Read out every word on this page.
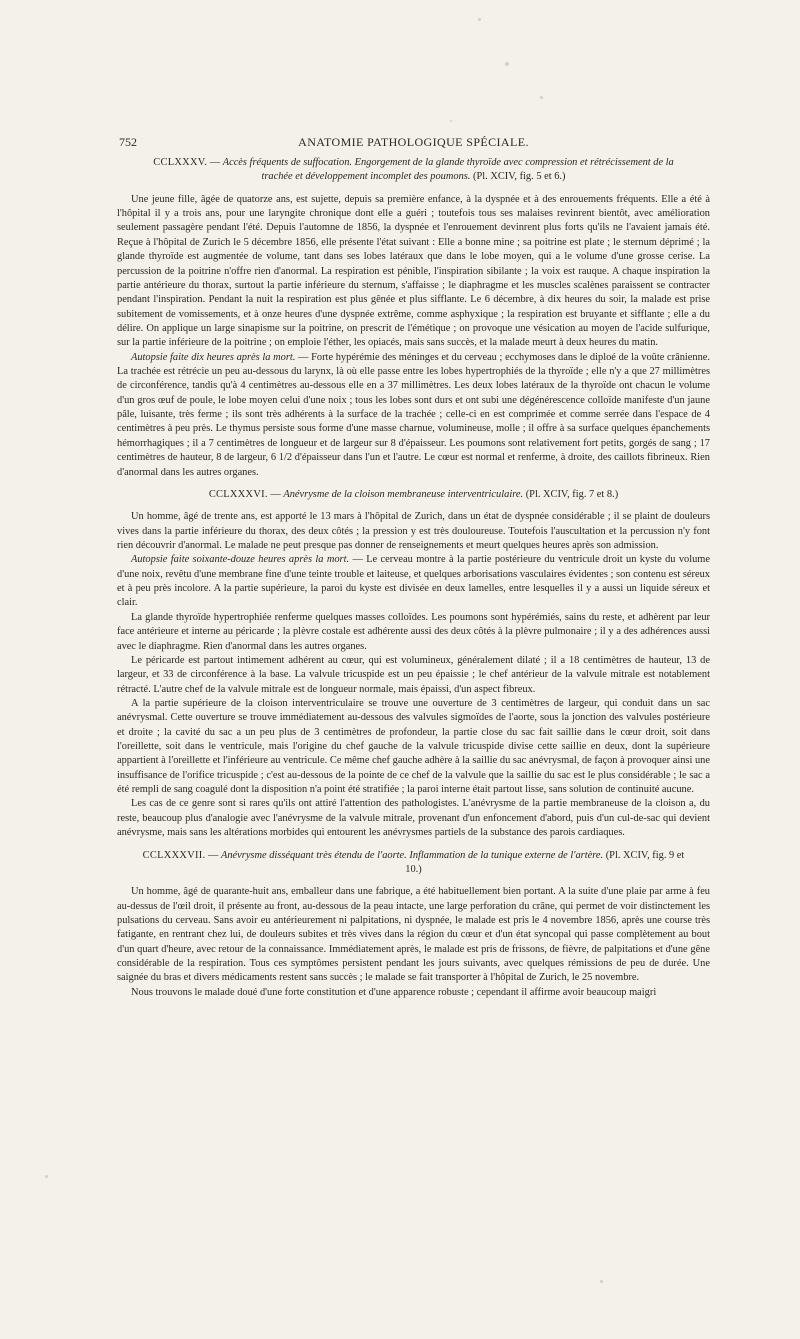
752	ANATOMIE PATHOLOGIQUE SPÉCIALE.
CCLXXXV. — Accès fréquents de suffocation. Engorgement de la glande thyroïde avec compression et rétrécissement de la trachée et développement incomplet des poumons. (Pl. XCIV, fig. 5 et 6.)

Une jeune fille, âgée de quatorze ans, est sujette, depuis sa première enfance, à la dyspnée et à des enrouements fréquents. Elle a été à l'hôpital il y a trois ans, pour une laryngite chronique dont elle a guéri ; toutefois tous ses malaises revinrent bientôt, avec amélioration seulement passagère pendant l'été. Depuis l'automne de 1856, la dyspnée et l'enrouement devinrent plus forts qu'ils ne l'avaient jamais été. Reçue à l'hôpital de Zurich le 5 décembre 1856, elle présente l'état suivant : Elle a bonne mine ; sa poitrine est plate ; le sternum déprimé ; la glande thyroïde est augmentée de volume, tant dans ses lobes latéraux que dans le lobe moyen, qui a le volume d'une grosse cerise. La percussion de la poitrine n'offre rien d'anormal. La respiration est pénible, l'inspiration sibilante ; la voix est rauque. A chaque inspiration la partie antérieure du thorax, surtout la partie inférieure du sternum, s'affaisse ; le diaphragme et les muscles scalènes paraissent se contracter pendant l'inspiration. Pendant la nuit la respiration est plus gênée et plus sifflante. Le 6 décembre, à dix heures du soir, la malade est prise subitement de vomissements, et à onze heures d'une dyspnée extrême, comme asphyxique ; la respiration est bruyante et sifflante ; elle a du délire. On applique un large sinapisme sur la poitrine, on prescrit de l'émétique ; on provoque une vésication au moyen de l'acide sulfurique, sur la partie inférieure de la poitrine ; on emploie l'éther, les opiacés, mais sans succès, et la malade meurt à deux heures du matin.

Autopsie faite dix heures après la mort. — Forte hypérémie des méninges et du cerveau ; ecchymoses dans le diploé de la voûte crânienne. La trachée est rétrécie un peu au-dessous du larynx, là où elle passe entre les lobes hypertrophiés de la thyroïde ; elle n'y a que 27 millimètres de circonférence, tandis qu'à 4 centimètres au-dessous elle en a 37 millimètres. Les deux lobes latéraux de la thyroïde ont chacun le volume d'un gros œuf de poule, le lobe moyen celui d'une noix ; tous les lobes sont durs et ont subi une dégénérescence colloïde manifeste d'un jaune pâle, luisante, très ferme ; ils sont très adhérents à la surface de la trachée ; celle-ci en est comprimée et comme serrée dans l'espace de 4 centimètres à peu près. Le thymus persiste sous forme d'une masse charnue, volumineuse, molle ; il offre à sa surface quelques épanchements hémorrhagiques ; il a 7 centimètres de longueur et de largeur sur 8 d'épaisseur. Les poumons sont relativement fort petits, gorgés de sang ; 17 centimètres de hauteur, 8 de largeur, 6 1/2 d'épaisseur dans l'un et l'autre. Le cœur est normal et renferme, à droite, des caillots fibrineux. Rien d'anormal dans les autres organes.

CCLXXXVI. — Anévrysme de la cloison membraneuse interventriculaire. (Pl. XCIV, fig. 7 et 8.)

Un homme, âgé de trente ans, est apporté le 13 mars à l'hôpital de Zurich, dans un état de dyspnée considérable ; il se plaint de douleurs vives dans la partie inférieure du thorax, des deux côtés ; la pression y est très douloureuse. Toutefois l'auscultation et la percussion n'y font rien découvrir d'anormal. Le malade ne peut presque pas donner de renseignements et meurt quelques heures après son admission.

Autopsie faite soixante-douze heures après la mort. — Le cerveau montre à la partie postérieure du ventricule droit un kyste du volume d'une noix, revêtu d'une membrane fine d'une teinte trouble et laiteuse, et quelques arborisations vasculaires évidentes ; son contenu est séreux et à peu près incolore. A la partie supérieure, la paroi du kyste est divisée en deux lamelles, entre lesquelles il y a aussi un liquide séreux et clair.

La glande thyroïde hypertrophiée renferme quelques masses colloïdes. Les poumons sont hypérémiés, sains du reste, et adhèrent par leur face antérieure et interne au péricarde ; la plèvre costale est adhérente aussi des deux côtés à la plèvre pulmonaire ; il y a des adhérences aussi avec le diaphragme. Rien d'anormal dans les autres organes.

Le péricarde est partout intimement adhérent au cœur, qui est volumineux, généralement dilaté ; il a 18 centimètres de hauteur, 13 de largeur, et 33 de circonférence à la base. La valvule tricuspide est un peu épaissie ; le chef antérieur de la valvule mitrale est notablement rétracté. L'autre chef de la valvule mitrale est de longueur normale, mais épaissi, d'un aspect fibreux.

A la partie supérieure de la cloison interventriculaire se trouve une ouverture de 3 centimètres de largeur, qui conduit dans un sac anévrysmal. Cette ouverture se trouve immédiatement au-dessous des valvules sigmoïdes de l'aorte, sous la jonction des valvules postérieure et droite ; la cavité du sac a un peu plus de 3 centimètres de profondeur, la partie close du sac fait saillie dans le cœur droit, soit dans l'oreillette, soit dans le ventricule, mais l'origine du chef gauche de la valvule tricuspide divise cette saillie en deux, dont la supérieure appartient à l'oreillette et l'inférieure au ventricule. Ce même chef gauche adhère à la saillie du sac anévrysmal, de façon à provoquer ainsi une insuffisance de l'orifice tricuspide ; c'est au-dessous de la pointe de ce chef de la valvule que la saillie du sac est le plus considérable ; le sac a été rempli de sang coagulé dont la disposition n'a point été stratifiée ; la paroi interne était partout lisse, sans solution de continuité aucune.

Les cas de ce genre sont si rares qu'ils ont attiré l'attention des pathologistes. L'anévrysme de la partie membraneuse de la cloison a, du reste, beaucoup plus d'analogie avec l'anévrysme de la valvule mitrale, provenant d'un enfoncement d'abord, puis d'un cul-de-sac qui devient anévrysme, mais sans les altérations morbides qui entourent les anévrysmes partiels de la substance des parois cardiaques.

CCLXXXVII. — Anévrysme disséquant très étendu de l'aorte. Inflammation de la tunique externe de l'artère. (Pl. XCIV, fig. 9 et 10.)

Un homme, âgé de quarante-huit ans, emballeur dans une fabrique, a été habituellement bien portant. A la suite d'une plaie par arme à feu au-dessus de l'œil droit, il présente au front, au-dessous de la peau intacte, une large perforation du crâne, qui permet de voir distinctement les pulsations du cerveau. Sans avoir eu antérieurement ni palpitations, ni dyspnée, le malade est pris le 4 novembre 1856, après une course très fatigante, en rentrant chez lui, de douleurs subites et très vives dans la région du cœur et d'un état syncopal qui passe complètement au bout d'un quart d'heure, avec retour de la connaissance. Immédiatement après, le malade est pris de frissons, de fièvre, de palpitations et d'une gêne considérable de la respiration. Tous ces symptômes persistent pendant les jours suivants, avec quelques rémissions de peu de durée. Une saignée du bras et divers médicaments restent sans succès ; le malade se fait transporter à l'hôpital de Zurich, le 25 novembre.

Nous trouvons le malade doué d'une forte constitution et d'une apparence robuste ; cependant il affirme avoir beaucoup maigri
